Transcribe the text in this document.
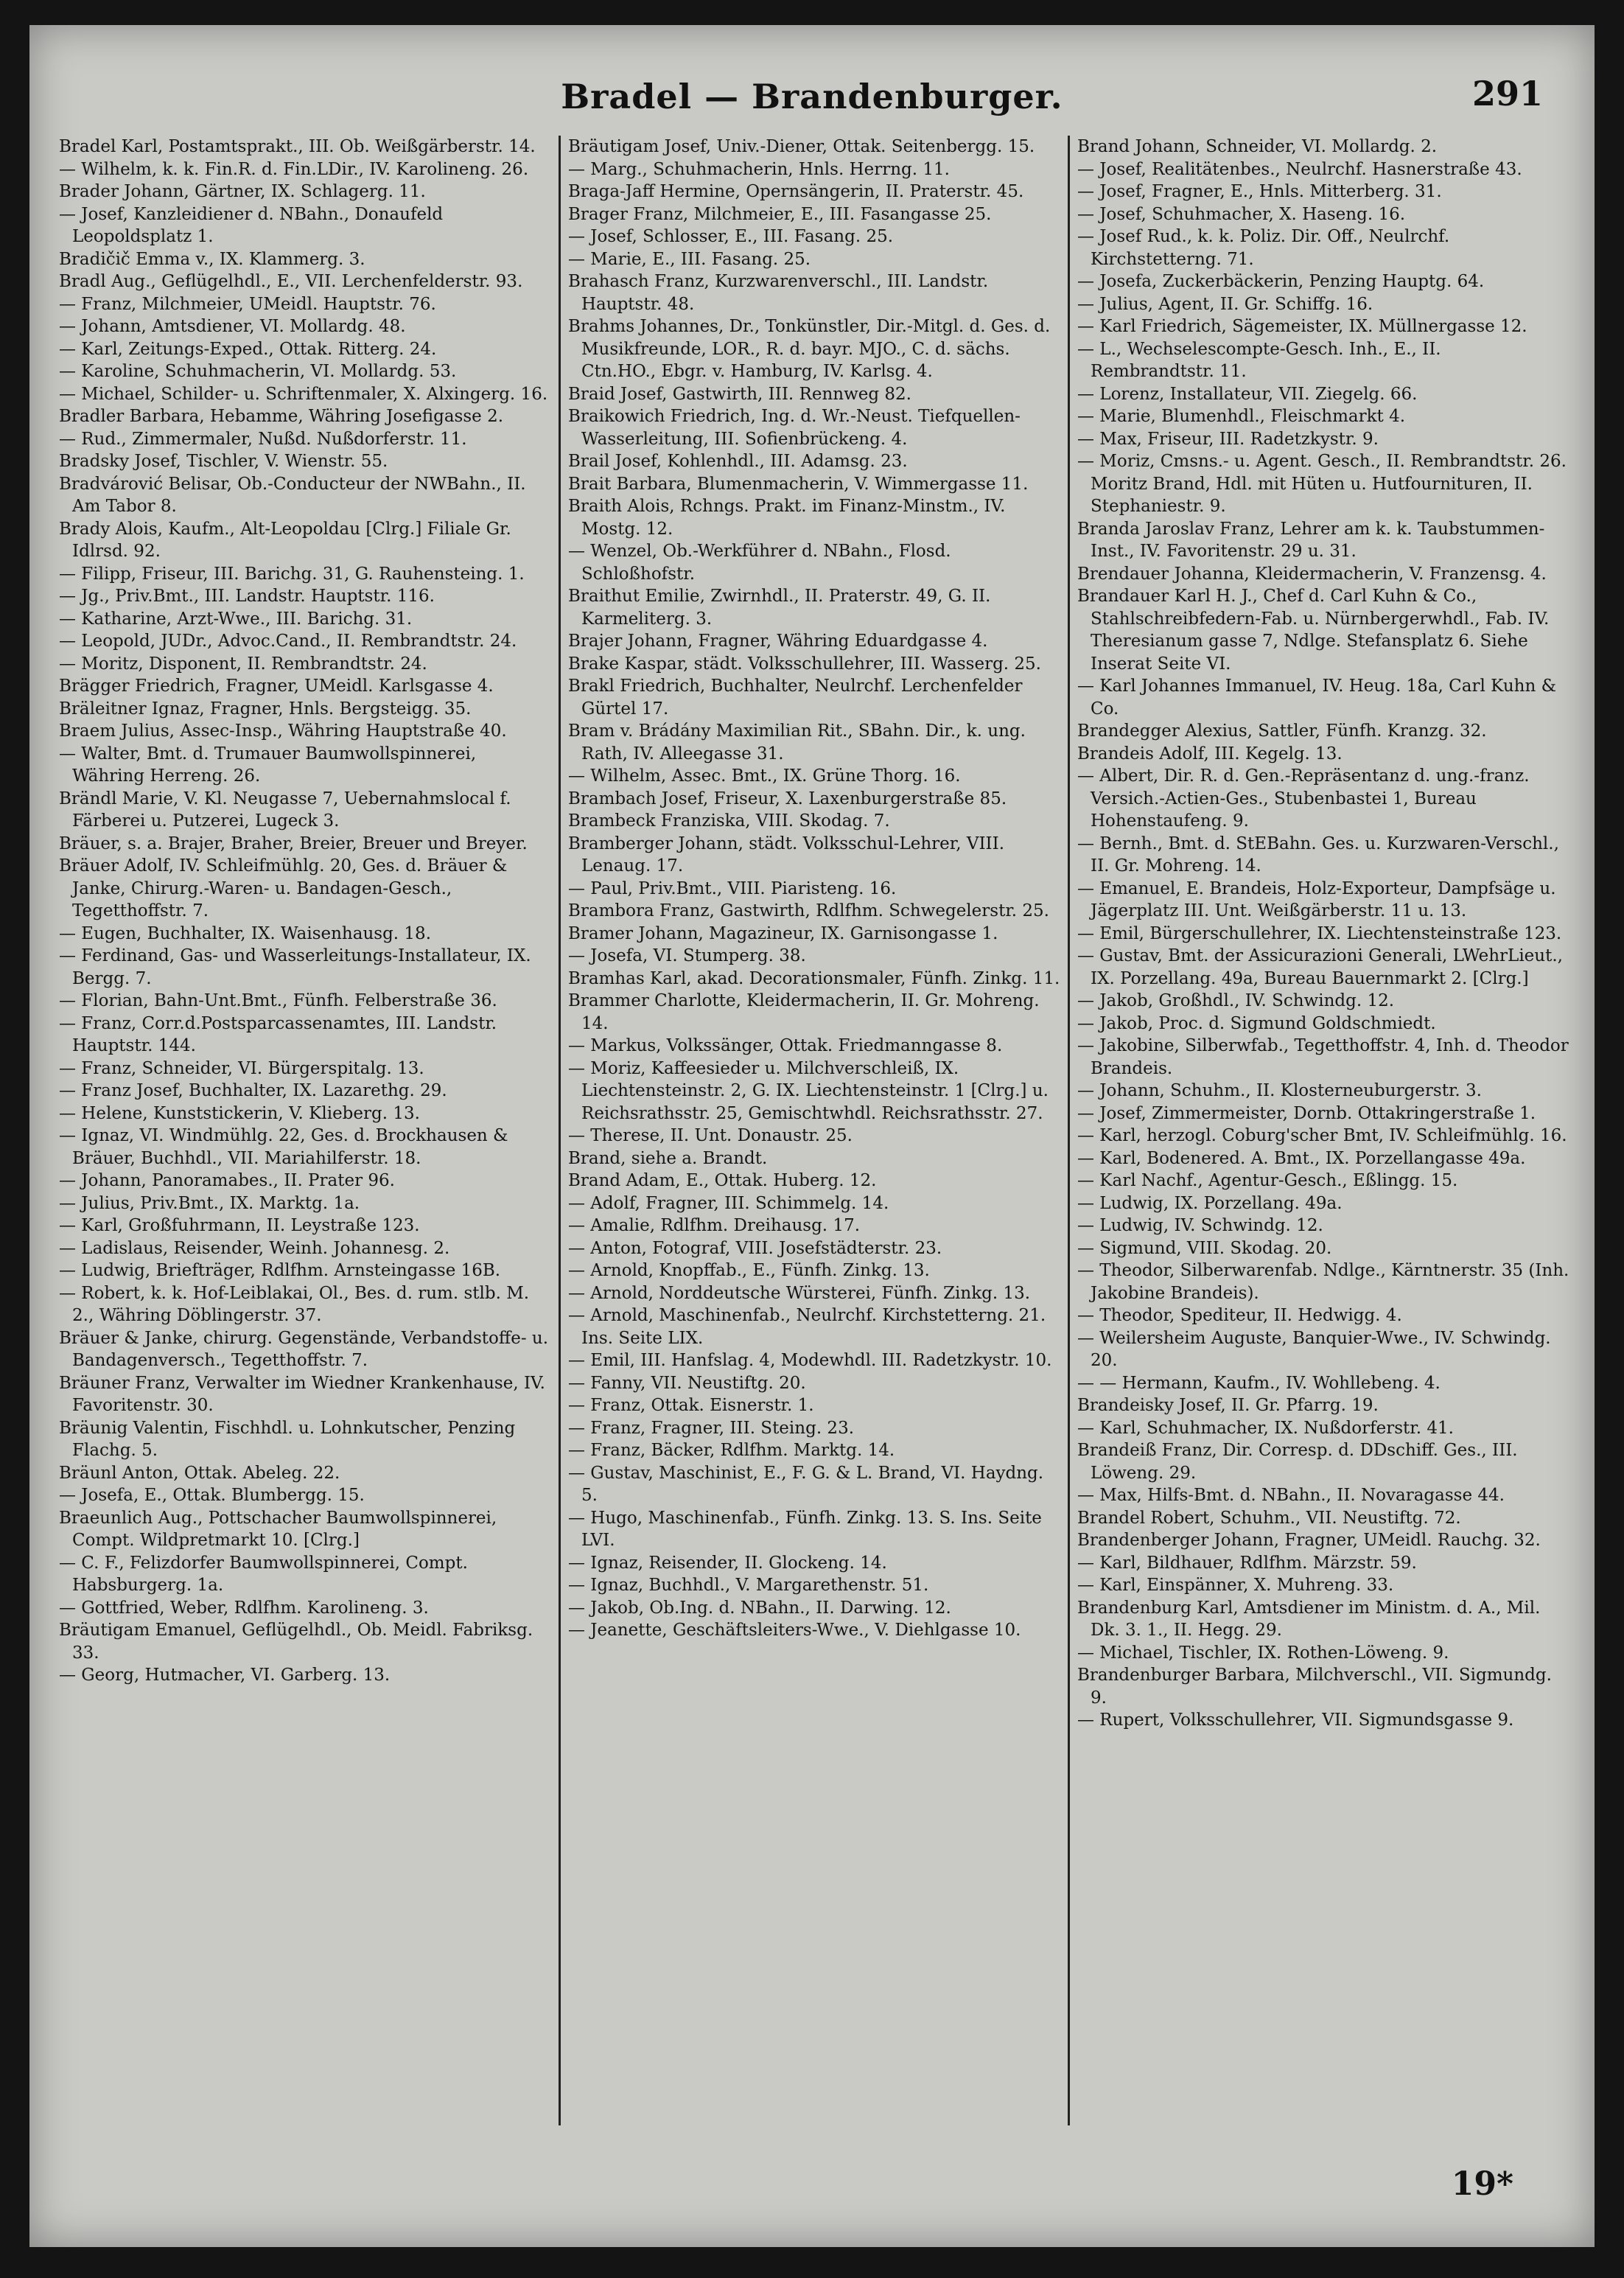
Bradel — Brandenburger.	291

Bradel Karl, Postamtsprakt., III. Ob. Weißgärberstr. 14.

— Wilhelm, k. k. Fin.R. d. Fin.LDir., IV. Karolineng. 26.

Brader Johann, Gärtner, IX. Schlagerg. 11.

— Josef, Kanzleidiener d. NBahn., Donaufeld Leopoldsplatz 1.

Bradičič Emma v., IX. Klammerg. 3.

Bradl Aug., Geflügelhdl., E., VII. Lerchenfelderstr. 93.

— Franz, Milchmeier, UMeidl. Hauptstr. 76.

— Johann, Amtsdiener, VI. Mollardg. 48.

— Karl, Zeitungs-Exped., Ottak. Ritterg. 24.

— Karoline, Schuhmacherin, VI. Mollardg. 53.

— Michael, Schilder- u. Schriftenmaler, X. Alxingerg. 16.

Bradler Barbara, Hebamme, Währing Josefigasse 2.

— Rud., Zimmermaler, Nußd. Nußdorferstr. 11.

Bradsky Josef, Tischler, V. Wienstr. 55.

Bradvárović Belisar, Ob.-Conducteur der NWBahn., II. Am Tabor 8.

Brady Alois, Kaufm., Alt-Leopoldau [Clrg.] Filiale Gr. Idlrsd. 92.

— Filipp, Friseur, III. Barichg. 31, G. Rauhensteing. 1.

— Jg., Priv.Bmt., III. Landstr. Hauptstr. 116.

— Katharine, Arzt-Wwe., III. Barichg. 31.

— Leopold, JUDr., Advoc.Cand., II. Rembrandtstr. 24.

— Moritz, Disponent, II. Rembrandtstr. 24.

Brägger Friedrich, Fragner, UMeidl. Karlsgasse 4.

Bräleitner Ignaz, Fragner, Hnls. Bergsteigg. 35.

Braem Julius, Assec-Insp., Währing Hauptstraße 40.

— Walter, Bmt. d. Trumauer Baumwollspinnerei, Währing Herreng. 26.

Brändl Marie, V. Kl. Neugasse 7, Uebernahmslocal f. Färberei u. Putzerei, Lugeck 3.

Bräuer, s. a. Brajer, Braher, Breier, Breuer und Breyer.

Bräuer Adolf, IV. Schleifmühlg. 20, Ges. d. Bräuer & Janke, Chirurg.-Waren- u. Bandagen-Gesch., Tegetthoffstr. 7.

— Eugen, Buchhalter, IX. Waisenhausg. 18.

— Ferdinand, Gas- und Wasserleitungs-Installateur, IX. Bergg. 7.

— Florian, Bahn-Unt.Bmt., Fünfh. Felberstraße 36.

— Franz, Corr.d.Postsparcassenamtes, III. Landstr. Hauptstr. 144.

— Franz, Schneider, VI. Bürgerspitalg. 13.

— Franz Josef, Buchhalter, IX. Lazarethg. 29.

— Helene, Kunststickerin, V. Klieberg. 13.

— Ignaz, VI. Windmühlg. 22, Ges. d. Brockhausen & Bräuer, Buchhdl., VII. Mariahilferstr. 18.

— Johann, Panoramabes., II. Prater 96.

— Julius, Priv.Bmt., IX. Marktg. 1a.

— Karl, Großfuhrmann, II. Leystraße 123.

— Ladislaus, Reisender, Weinh. Johannesg. 2.

— Ludwig, Briefträger, Rdlfhm. Arnsteingasse 16B.

— Robert, k. k. Hof-Leiblakai, Ol., Bes. d. rum. stlb. M. 2., Währing Döblingerstr. 37.

Bräuer & Janke, chirurg. Gegenstände, Verbandstoffe- u. Bandagenversch., Tegetthoffstr. 7.

Bräuner Franz, Verwalter im Wiedner Krankenhause, IV. Favoritenstr. 30.

Bräunig Valentin, Fischhdl. u. Lohnkutscher, Penzing Flachg. 5.

Bräunl Anton, Ottak. Abeleg. 22.

— Josefa, E., Ottak. Blumbergg. 15.

Braeunlich Aug., Pottschacher Baumwollspinnerei, Compt. Wildpretmarkt 10. [Clrg.]

— C. F., Felizdorfer Baumwollspinnerei, Compt. Habsburgerg. 1a.

— Gottfried, Weber, Rdlfhm. Karolineng. 3.

Bräutigam Emanuel, Geflügelhdl., Ob. Meidl. Fabriksg. 33.

— Georg, Hutmacher, VI. Garberg. 13.

Bräutigam Josef, Univ.-Diener, Ottak. Seitenbergg. 15.

— Marg., Schuhmacherin, Hnls. Herrng. 11.

Braga-Jaff Hermine, Opernsängerin, II. Praterstr. 45.

Brager Franz, Milchmeier, E., III. Fasangasse 25.

— Josef, Schlosser, E., III. Fasang. 25.

— Marie, E., III. Fasang. 25.

Brahasch Franz, Kurzwarenverschl., III. Landstr. Hauptstr. 48.

Brahms Johannes, Dr., Tonkünstler, Dir.-Mitgl. d. Ges. d. Musikfreunde, LOR., R. d. bayr. MJO., C. d. sächs. Ctn.HO., Ebgr. v. Hamburg, IV. Karlsg. 4.

Braid Josef, Gastwirth, III. Rennweg 82.

Braikowich Friedrich, Ing. d. Wr.-Neust. Tiefquellen-Wasserleitung, III. Sofienbrückeng. 4.

Brail Josef, Kohlenhdl., III. Adamsg. 23.

Brait Barbara, Blumenmacherin, V. Wimmergasse 11.

Braith Alois, Rchngs. Prakt. im Finanz-Minstm., IV. Mostg. 12.

— Wenzel, Ob.-Werkführer d. NBahn., Flosd. Schloßhofstr.

Braithut Emilie, Zwirnhdl., II. Praterstr. 49, G. II. Karmeliterg. 3.

Brajer Johann, Fragner, Währing Eduardgasse 4.

Brake Kaspar, städt. Volksschullehrer, III. Wasserg. 25.

Brakl Friedrich, Buchhalter, Neulrchf. Lerchenfelder Gürtel 17.

Bram v. Brádány Maximilian Rit., SBahn. Dir., k. ung. Rath, IV. Alleegasse 31.

— Wilhelm, Assec. Bmt., IX. Grüne Thorg. 16.

Brambach Josef, Friseur, X. Laxenburgerstraße 85.

Brambeck Franziska, VIII. Skodag. 7.

Bramberger Johann, städt. Volksschul-Lehrer, VIII. Lenaug. 17.

— Paul, Priv.Bmt., VIII. Piaristeng. 16.

Brambora Franz, Gastwirth, Rdlfhm. Schwegelerstr. 25.

Bramer Johann, Magazineur, IX. Garnisongasse 1.

— Josefa, VI. Stumperg. 38.

Bramhas Karl, akad. Decorationsmaler, Fünfh. Zinkg. 11.

Brammer Charlotte, Kleidermacherin, II. Gr. Mohreng. 14.

— Markus, Volkssänger, Ottak. Friedmanngasse 8.

— Moriz, Kaffeesieder u. Milchverschleiß, IX. Liechtensteinstr. 2, G. IX. Liechtensteinstr. 1 [Clrg.] u. Reichsrathsstr. 25, Gemischtwhdl. Reichsrathsstr. 27.

— Therese, II. Unt. Donaustr. 25.

Brand, siehe a. Brandt.

Brand Adam, E., Ottak. Huberg. 12.

— Adolf, Fragner, III. Schimmelg. 14.

— Amalie, Rdlfhm. Dreihausg. 17.

— Anton, Fotograf, VIII. Josefstädterstr. 23.

— Arnold, Knopffab., E., Fünfh. Zinkg. 13.

— Arnold, Norddeutsche Würsterei, Fünfh. Zinkg. 13.

— Arnold, Maschinenfab., Neulrchf. Kirchstetterng. 21. Ins. Seite LIX.

— Emil, III. Hanfslag. 4, Modewhdl. III. Radetzkystr. 10.

— Fanny, VII. Neustiftg. 20.

— Franz, Ottak. Eisnerstr. 1.

— Franz, Fragner, III. Steing. 23.

— Franz, Bäcker, Rdlfhm. Marktg. 14.

— Gustav, Maschinist, E., F. G. & L. Brand, VI. Haydng. 5.

— Hugo, Maschinenfab., Fünfh. Zinkg. 13. S. Ins. Seite LVI.

— Ignaz, Reisender, II. Glockeng. 14.

— Ignaz, Buchhdl., V. Margarethenstr. 51.

— Jakob, Ob.Ing. d. NBahn., II. Darwing. 12.

— Jeanette, Geschäftsleiters-Wwe., V. Diehlgasse 10.

Brand Johann, Schneider, VI. Mollardg. 2.

— Josef, Realitätenbes., Neulrchf. Hasnerstraße 43.

— Josef, Fragner, E., Hnls. Mitterberg. 31.

— Josef, Schuhmacher, X. Haseng. 16.

— Josef Rud., k. k. Poliz. Dir. Off., Neulrchf. Kirchstetterng. 71.

— Josefa, Zuckerbäckerin, Penzing Hauptg. 64.

— Julius, Agent, II. Gr. Schiffg. 16.

— Karl Friedrich, Sägemeister, IX. Müllnergasse 12.

— L., Wechselescompte-Gesch. Inh., E., II. Rembrandtstr. 11.

— Lorenz, Installateur, VII. Ziegelg. 66.

— Marie, Blumenhdl., Fleischmarkt 4.

— Max, Friseur, III. Radetzkystr. 9.

— Moriz, Cmsns.- u. Agent. Gesch., II. Rembrandtstr. 26. Moritz Brand, Hdl. mit Hüten u. Hutfournituren, II. Stephaniestr. 9.

Branda Jaroslav Franz, Lehrer am k. k. Taubstummen-Inst., IV. Favoritenstr. 29 u. 31.

Brendauer Johanna, Kleidermacherin, V. Franzensg. 4.

Brandauer Karl H. J., Chef d. Carl Kuhn & Co., Stahlschreibfedern-Fab. u. Nürnbergerwhdl., Fab. IV. Theresianum gasse 7, Ndlge. Stefansplatz 6. Siehe Inserat Seite VI.

— Karl Johannes Immanuel, IV. Heug. 18a, Carl Kuhn & Co.

Brandegger Alexius, Sattler, Fünfh. Kranzg. 32.

Brandeis Adolf, III. Kegelg. 13.

— Albert, Dir. R. d. Gen.-Repräsentanz d. ung.-franz. Versich.-Actien-Ges., Stubenbastei 1, Bureau Hohenstaufeng. 9.

— Bernh., Bmt. d. StEBahn. Ges. u. Kurzwaren-Verschl., II. Gr. Mohreng. 14.

— Emanuel, E. Brandeis, Holz-Exporteur, Dampfsäge u. Jägerplatz III. Unt. Weißgärberstr. 11 u. 13.

— Emil, Bürgerschullehrer, IX. Liechtensteinstraße 123.

— Gustav, Bmt. der Assicurazioni Generali, LWehrLieut., IX. Porzellang. 49a, Bureau Bauernmarkt 2. [Clrg.]

— Jakob, Großhdl., IV. Schwindg. 12.

— Jakob, Proc. d. Sigmund Goldschmiedt.

— Jakobine, Silberwfab., Tegetthoffstr. 4, Inh. d. Theodor Brandeis.

— Johann, Schuhm., II. Klosterneuburgerstr. 3.

— Josef, Zimmermeister, Dornb. Ottakringerstraße 1.

— Karl, herzogl. Coburg'scher Bmt, IV. Schleifmühlg. 16.

— Karl, Bodenered. A. Bmt., IX. Porzellangasse 49a.

— Karl Nachf., Agentur-Gesch., Eßlingg. 15.

— Ludwig, IX. Porzellang. 49a.

— Ludwig, IV. Schwindg. 12.

— Sigmund, VIII. Skodag. 20.

— Theodor, Silberwarenfab. Ndlge., Kärntnerstr. 35 (Inh. Jakobine Brandeis).

— Theodor, Spediteur, II. Hedwigg. 4.

— Weilersheim Auguste, Banquier-Wwe., IV. Schwindg. 20.

— — Hermann, Kaufm., IV. Wohllebeng. 4.

Brandeisky Josef, II. Gr. Pfarrg. 19.

— Karl, Schuhmacher, IX. Nußdorferstr. 41.

Brandeiß Franz, Dir. Corresp. d. DDschiff. Ges., III. Löweng. 29.

— Max, Hilfs-Bmt. d. NBahn., II. Novaragasse 44.

Brandel Robert, Schuhm., VII. Neustiftg. 72.

Brandenberger Johann, Fragner, UMeidl. Rauchg. 32.

— Karl, Bildhauer, Rdlfhm. Märzstr. 59.

— Karl, Einspänner, X. Muhreng. 33.

Brandenburg Karl, Amtsdiener im Ministm. d. A., Mil. Dk. 3. 1., II. Hegg. 29.

— Michael, Tischler, IX. Rothen-Löweng. 9.

Brandenburger Barbara, Milchverschl., VII. Sigmundg. 9.

— Rupert, Volksschullehrer, VII. Sigmundsgasse 9.

19*
